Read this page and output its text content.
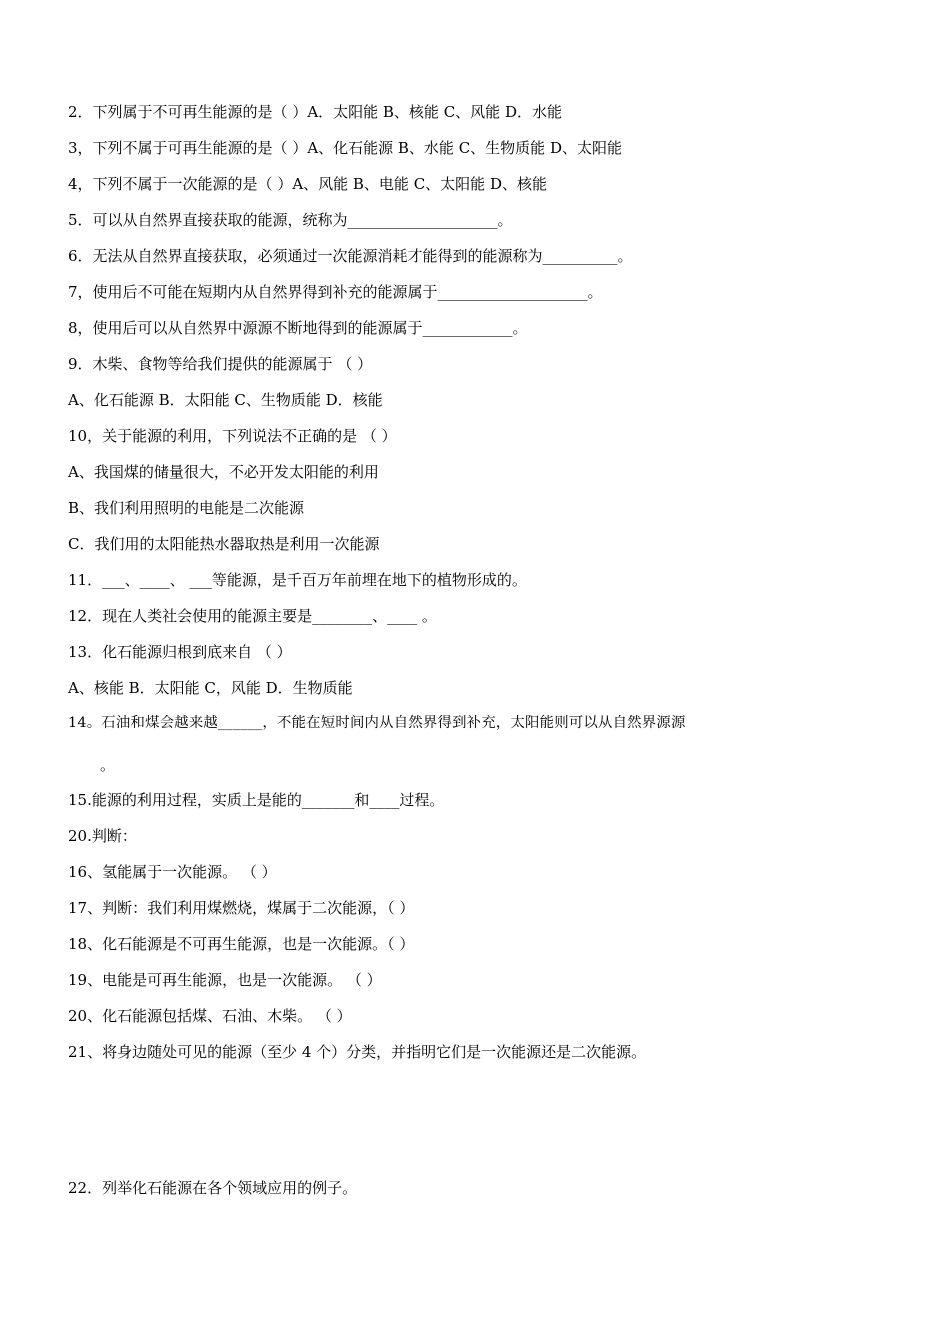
2．下列属于不可再生能源的是（ ）A．太阳能 B、核能 C、风能 D．水能
3，下列不属于可再生能源的是（ ）A、化石能源 B、水能 C、生物质能 D、太阳能
4，下列不属于一次能源的是（ ）A、风能 B、电能 C、太阳能 D、核能
5．可以从自然界直接获取的能源，统称为____________________。
6．无法从自然界直接获取，必须通过一次能源消耗才能得到的能源称为__________。
7，使用后不可能在短期内从自然界得到补充的能源属于____________________。
8，使用后可以从自然界中源源不断地得到的能源属于____________。
9．木柴、食物等给我们提供的能源属于 （ ）
A、化石能源 B．太阳能 C、生物质能 D．核能
10，关于能源的利用，下列说法不正确的是 （ ）
A、我国煤的储量很大，不必开发太阳能的利用
B、我们利用照明的电能是二次能源
C．我们用的太阳能热水器取热是利用一次能源
11．___、____、 ___等能源，是千百万年前埋在地下的植物形成的。
12．现在人类社会使用的能源主要是________、____ 。
13．化石能源归根到底来自 （ ）
A、核能 B．太阳能 C，风能 D．生物质能
14。石油和煤会越来越______，不能在短时间内从自然界得到补充，太阳能则可以从自然界源源
。
15.能源的利用过程，实质上是能的_______和____过程。
20.判断：
16、氢能属于一次能源。 （ ）
17、判断：我们利用煤燃烧，煤属于二次能源，（ ）
18、化石能源是不可再生能源，也是一次能源。（ ）
19、电能是可再生能源，也是一次能源。 （ ）
20、化石能源包括煤、石油、木柴。 （ ）
21、将身边随处可见的能源（至少 4 个）分类，并指明它们是一次能源还是二次能源。
22．列举化石能源在各个领域应用的例子。
